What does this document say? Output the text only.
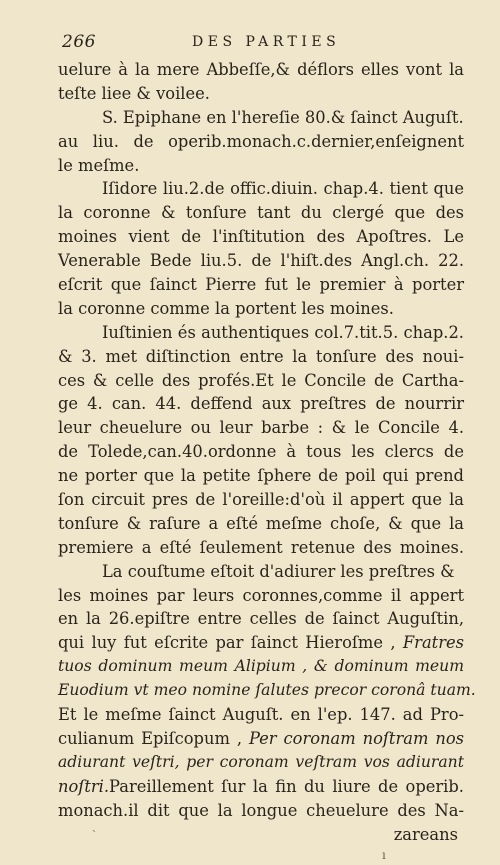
266	DES PARTIES
uelure à la mere Abbeſſe,& déflors elles vont la
teſte liee & voilee.
S. Epiphane en l'hereſie 80.& ſainct Auguſt.
au liu. de operib.monach.c.dernier,enſeignent
le meſme.
Iſidore liu.2.de offic.diuin. chap.4. tient que
la coronne & tonſure tant du clergé que des
moines vient de l'inſtitution des Apoſtres. Le
Venerable Bede liu.5. de l'hiſt.des Angl.ch. 22.
eſcrit que ſainct Pierre fut le premier à porter
la coronne comme la portent les moines.
Iuſtinien és authentiques col.7.tit.5. chap.2.
& 3. met diſtinction entre la tonſure des noui-
ces & celle des profés.Et le Concile de Cartha-
ge 4. can. 44. deffend aux preſtres de nourrir
leur cheuelure ou leur barbe : & le Concile 4.
de Tolede,can.40.ordonne à tous les clercs de
ne porter que la petite ſphere de poil qui prend
ſon circuit pres de l'oreille:d'où il appert que la
tonſure & raſure a eſté meſme choſe, & que la
premiere a eſté ſeulement retenue des moines.
La couſtume eſtoit d'adiurer les preſtres &
les moines par leurs coronnes,comme il appert
en la 26.epiſtre entre celles de ſainct Auguſtin,
qui luy fut eſcrite par ſainct Hieroſme , Fratres
tuos dominum meum Alipium , & dominum meum
Euodium vt meo nomine ſalutes precor coronâ tuam.
Et le meſme ſainct Auguſt. en l'ep. 147. ad Pro-
culianum Epiſcopum , Per coronam noſtram nos
adiurant veſtri, per coronam veſtram vos adiurant
noſtri.Pareillement ſur la fin du liure de operib.
monach.il dit que la longue cheuelure des Na-
zareans
˴
ı
